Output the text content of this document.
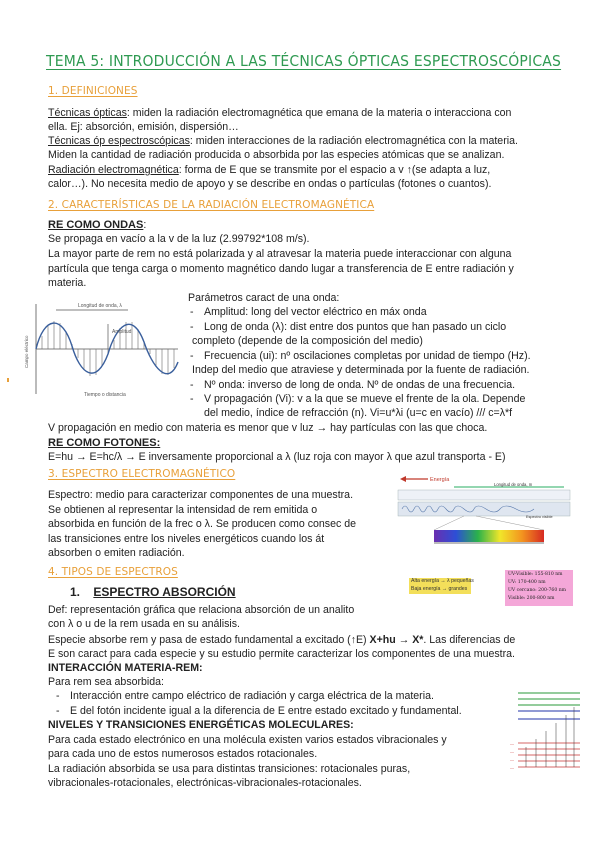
TEMA 5: INTRODUCCIÓN A LAS TÉCNICAS ÓPTICAS ESPECTROSCÓPICAS
1. DEFINICIONES
Técnicas ópticas: miden la radiación electromagnética que emana de la materia o interacciona con
ella. Ej: absorción, emisión, dispersión…
Técnicas óp espectroscópicas: miden interacciones de la radiación electromagnética con la materia.
Miden la cantidad de radiación producida o absorbida por las especies atómicas que se analizan.
Radiación electromagnética: forma de E que se transmite por el espacio a v ↑(se adapta a luz,
calor…). No necesita medio de apoyo y se describe en ondas o partículas (fotones o cuantos).
2. CARACTERÍSTICAS DE LA RADIACIÓN ELECTROMAGNÉTICA
RE COMO ONDAS:
Se propaga en vacío a la v de la luz (2.99792*108 m/s).
La mayor parte de rem no está polarizada y al atravesar la materia puede interaccionar con alguna
partícula que tenga carga o momento magnético dando lugar a transferencia de E entre radiación y
materia.
Longitud de onda, λ
Amplitud
Campo eléctrico
Tiempo o distancia
Parámetros caract de una onda:
- Amplitud: long del vector eléctrico en máx onda
- Long de onda (λ): dist entre dos puntos que han pasado un ciclo
completo (depende de la composición del medio)
- Frecuencia (ui): nº oscilaciones completas por unidad de tiempo (Hz).
Indep del medio que atraviese y determinada por la fuente de radiación.
- Nº onda: inverso de long de onda. Nº de ondas de una frecuencia.
- V propagación (Vi): v a la que se mueve el frente de la ola. Depende
del medio, índice de refracción (n). Vi=u*λi (u=c en vacío) /// c=λ*f
V propagación en medio con materia es menor que v luz → hay partículas con las que choca.
RE COMO FOTONES:
E=hu → E=hc/λ → E inversamente proporcional a λ (luz roja con mayor λ que azul transporta - E)
3. ESPECTRO ELECTROMAGNÉTICO
Espectro: medio para caracterizar componentes de una muestra.
Se obtienen al representar la intensidad de rem emitida o
absorbida en función de la frec o λ. Se producen como consec de
las transiciones entre los niveles energéticos cuando los át
absorben o emiten radiación.
Energía
Longitud de onda, m
Espectro visible
Alta energía → λ pequeñas
Baja energía → grandes
UV-Visible: 155-810 nm
UV: 170-400 nm
UV cercano: 200-760 nm
Visible: 200-800 nm
4. TIPOS DE ESPECTROS
1. ESPECTRO ABSORCIÓN
Def: representación gráfica que relaciona absorción de un analito
con λ o u de la rem usada en su análisis.
Especie absorbe rem y pasa de estado fundamental a excitado (↑E) X+hu → X*. Las diferencias de
E son caract para cada especie y su estudio permite caracterizar los componentes de una muestra.
INTERACCIÓN MATERIA-REM:
Para rem sea absorbida:
- Interacción entre campo eléctrico de radiación y carga eléctrica de la materia.
- E del fotón incidente igual a la diferencia de E entre estado excitado y fundamental.
NIVELES Y TRANSICIONES ENERGÉTICAS MOLECULARES:
Para cada estado electrónico en una molécula existen varios estados vibracionales y
para cada uno de estos numerosos estados rotacionales.
La radiación absorbida se usa para distintas transiciones: rotacionales puras,
vibracionales-rotacionales, electrónicas-vibracionales-rotacionales.
—
—
—
—
